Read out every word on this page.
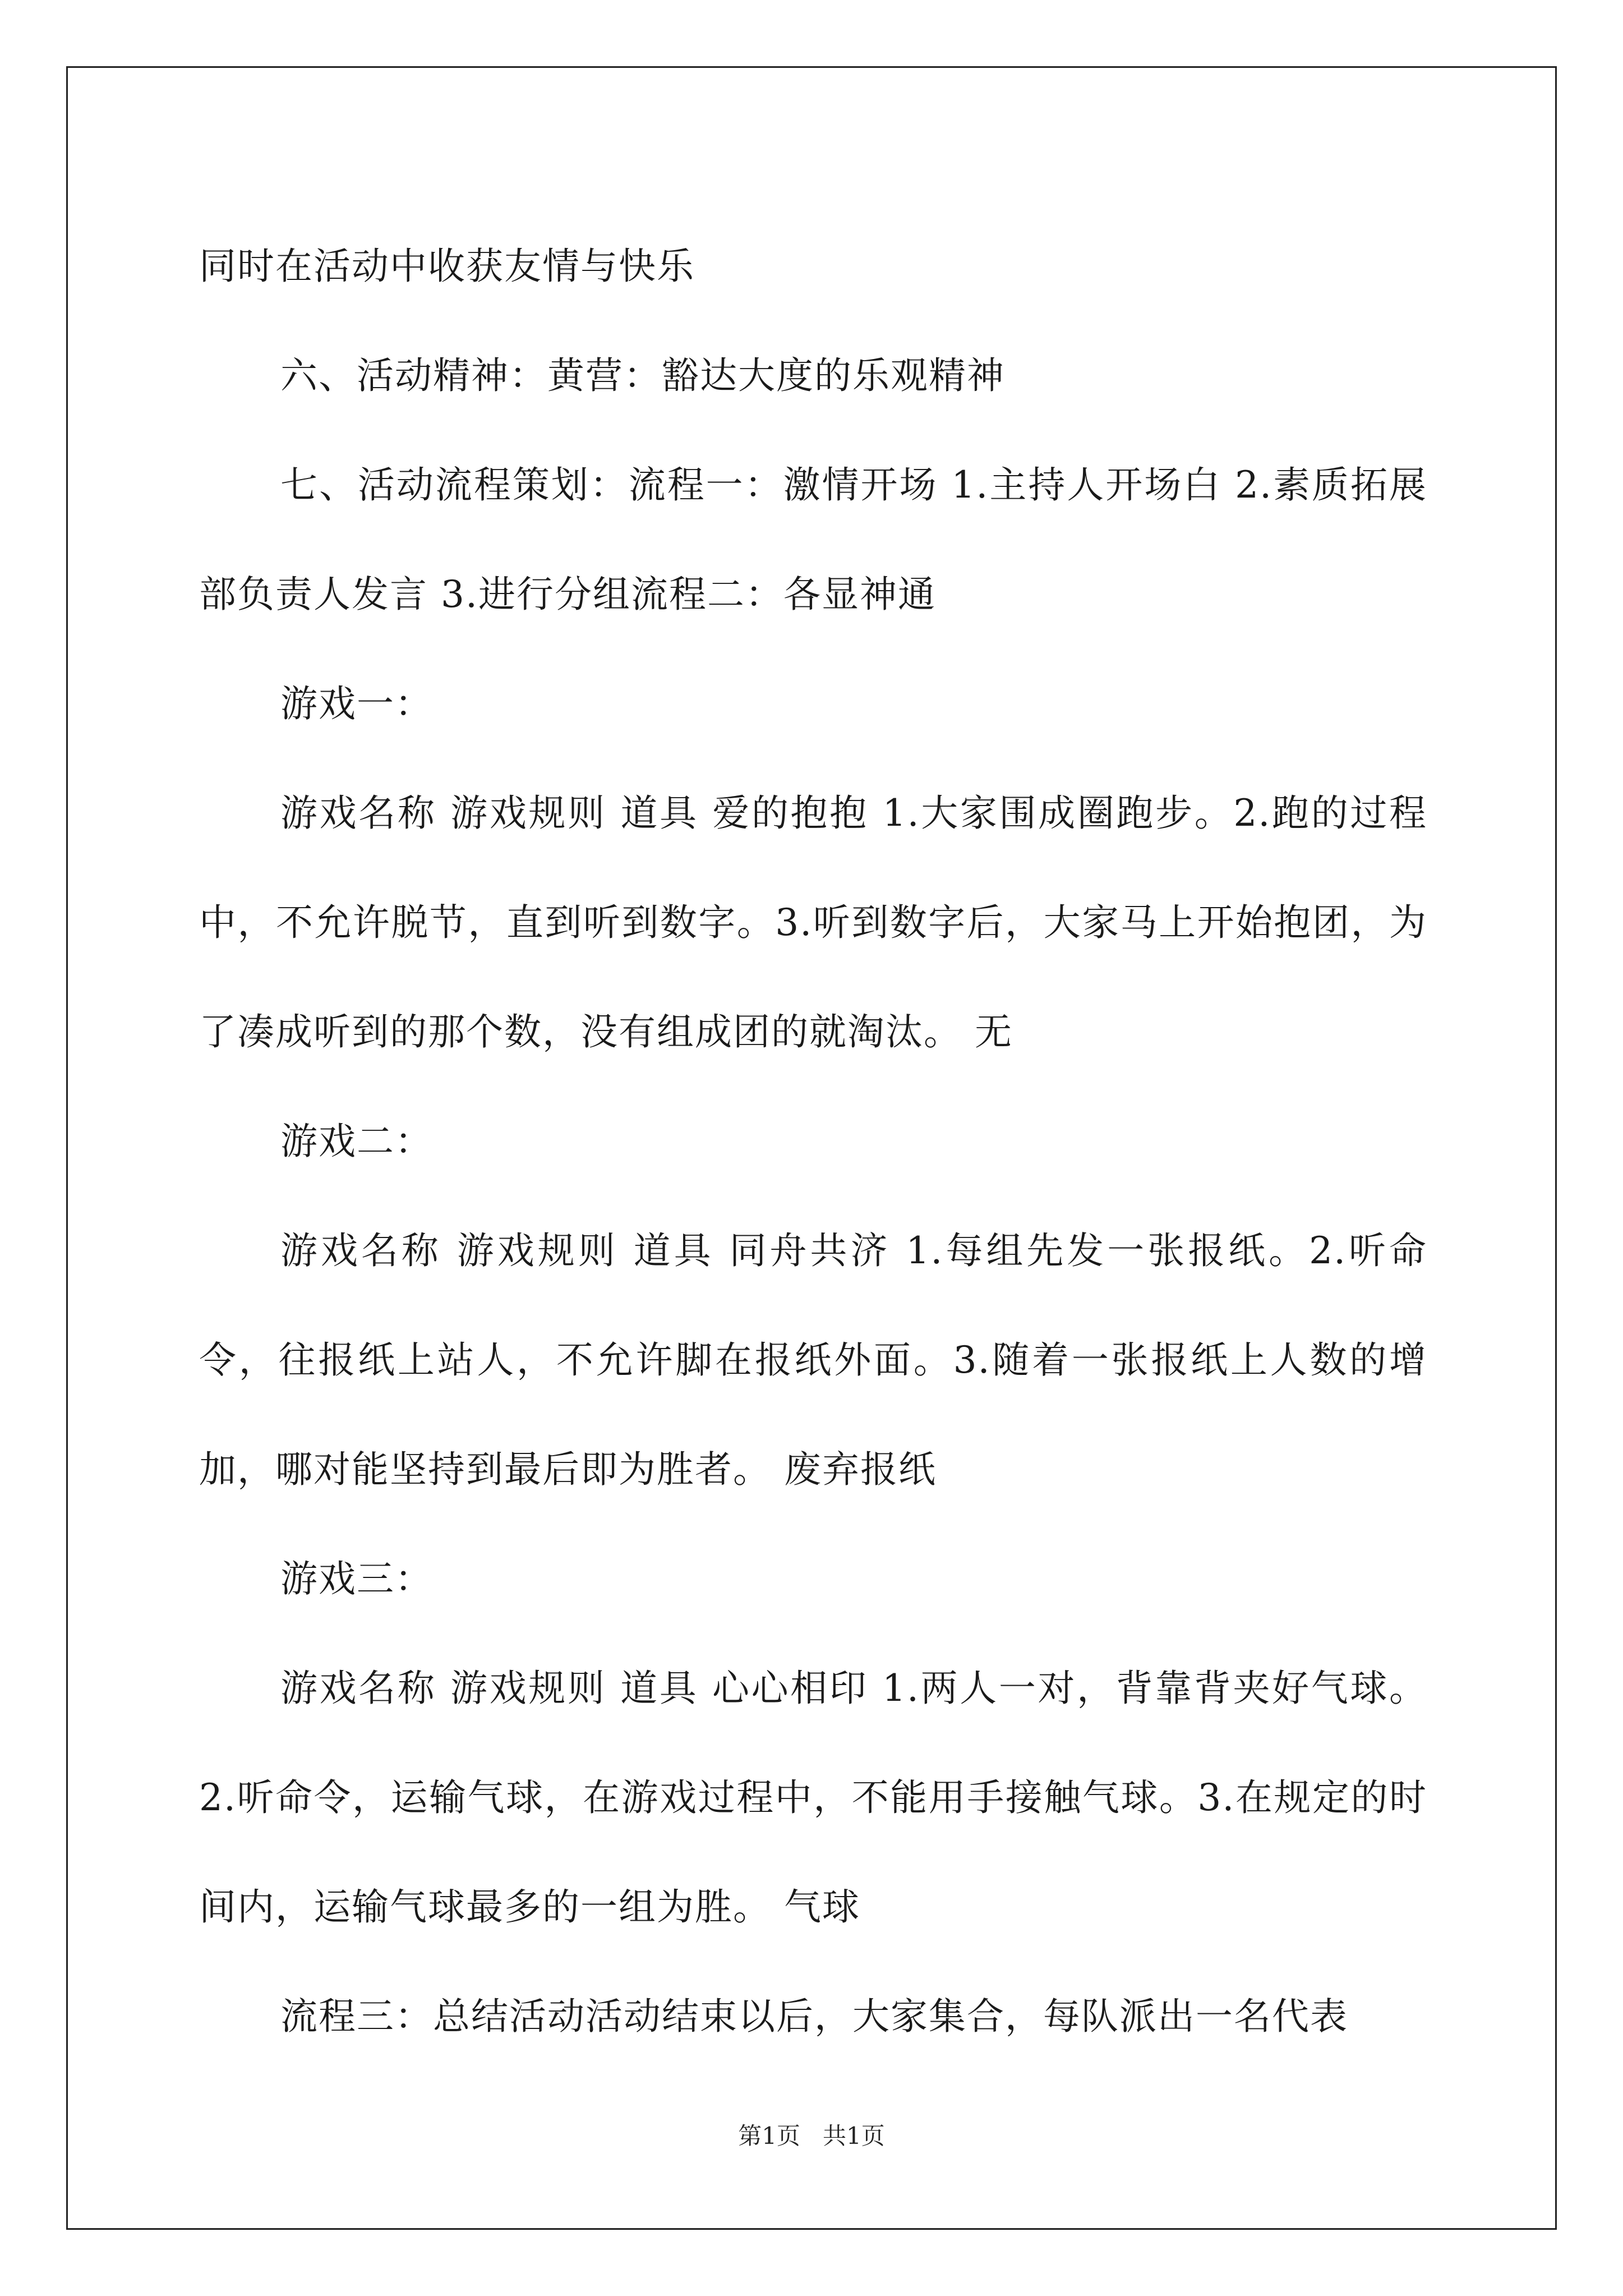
同时在活动中收获友情与快乐

六、活动精神：黄营：豁达大度的乐观精神

七、活动流程策划：流程一：激情开场 1.主持人开场白 2.素质拓展部负责人发言 3.进行分组流程二：各显神通

游戏一：

游戏名称 游戏规则 道具 爱的抱抱 1.大家围成圈跑步。2.跑的过程中，不允许脱节，直到听到数字。3.听到数字后，大家马上开始抱团，为了凑成听到的那个数，没有组成团的就淘汰。 无

游戏二：

游戏名称 游戏规则 道具 同舟共济 1.每组先发一张报纸。2.听命令，往报纸上站人，不允许脚在报纸外面。3.随着一张报纸上人数的增加，哪对能坚持到最后即为胜者。 废弃报纸

游戏三：

游戏名称 游戏规则 道具 心心相印 1.两人一对，背靠背夹好气球。2.听命令，运输气球，在游戏过程中，不能用手接触气球。3.在规定的时间内，运输气球最多的一组为胜。 气球

流程三：总结活动活动结束以后，大家集合，每队派出一名代表

第1页 共1页
